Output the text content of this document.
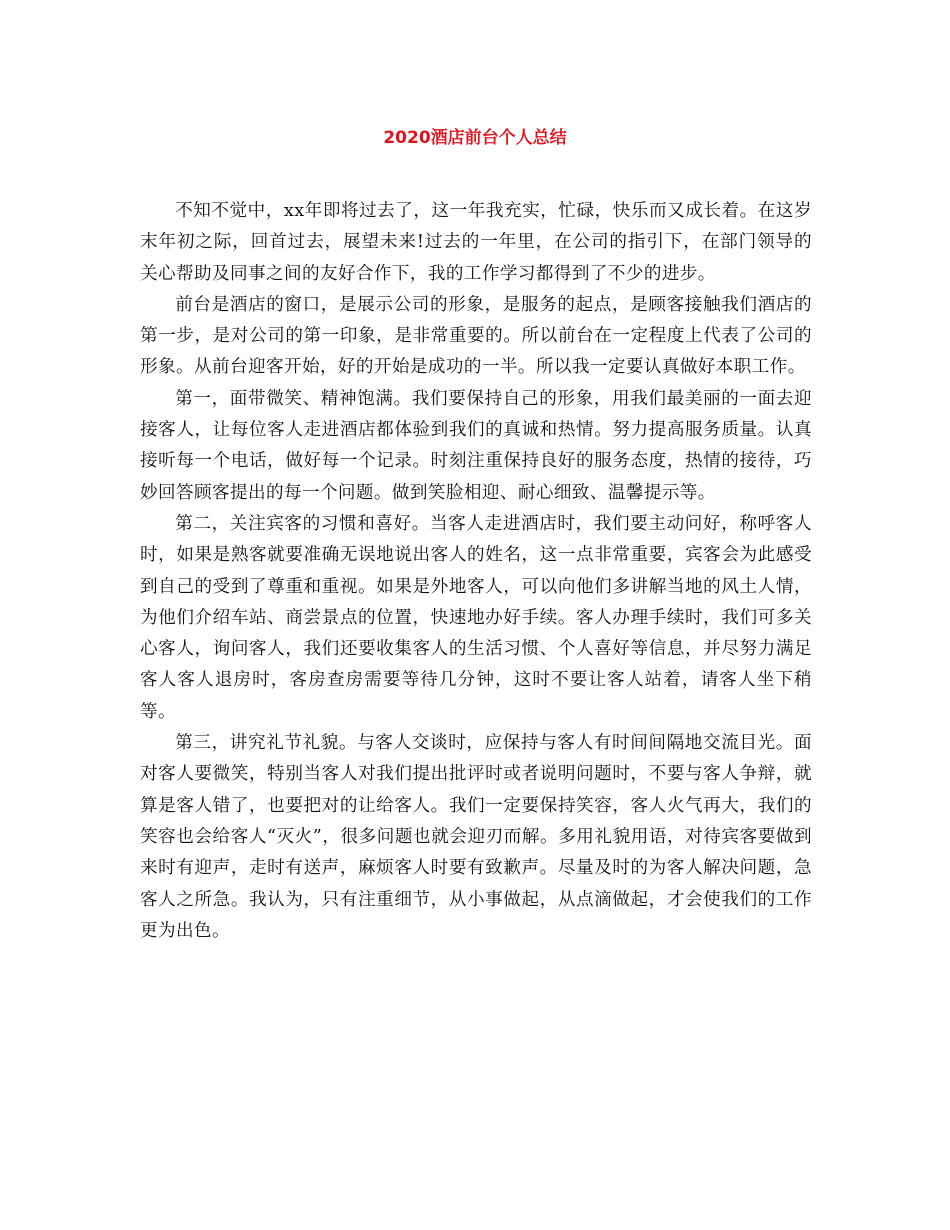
2020酒店前台个人总结

不知不觉中，xx年即将过去了，这一年我充实，忙碌，快乐而又成长着。在这岁末年初之际，回首过去，展望未来!过去的一年里，在公司的指引下，在部门领导的关心帮助及同事之间的友好合作下，我的工作学习都得到了不少的进步。

前台是酒店的窗口，是展示公司的形象，是服务的起点，是顾客接触我们酒店的第一步，是对公司的第一印象，是非常重要的。所以前台在一定程度上代表了公司的形象。从前台迎客开始，好的开始是成功的一半。所以我一定要认真做好本职工作。

第一，面带微笑、精神饱满。我们要保持自己的形象，用我们最美丽的一面去迎接客人，让每位客人走进酒店都体验到我们的真诚和热情。努力提高服务质量。认真接听每一个电话，做好每一个记录。时刻注重保持良好的服务态度，热情的接待，巧妙回答顾客提出的每一个问题。做到笑脸相迎、耐心细致、温馨提示等。

第二，关注宾客的习惯和喜好。当客人走进酒店时，我们要主动问好，称呼客人时，如果是熟客就要准确无误地说出客人的姓名，这一点非常重要，宾客会为此感受到自己的受到了尊重和重视。如果是外地客人，可以向他们多讲解当地的风土人情，为他们介绍车站、商尝景点的位置，快速地办好手续。客人办理手续时，我们可多关心客人，询问客人，我们还要收集客人的生活习惯、个人喜好等信息，并尽努力满足客人客人退房时，客房查房需要等待几分钟，这时不要让客人站着，请客人坐下稍等。

第三，讲究礼节礼貌。与客人交谈时，应保持与客人有时间间隔地交流目光。面对客人要微笑，特别当客人对我们提出批评时或者说明问题时，不要与客人争辩，就算是客人错了，也要把对的让给客人。我们一定要保持笑容，客人火气再大，我们的笑容也会给客人“灭火”，很多问题也就会迎刃而解。多用礼貌用语，对待宾客要做到来时有迎声，走时有送声，麻烦客人时要有致歉声。尽量及时的为客人解决问题，急客人之所急。我认为，只有注重细节，从小事做起，从点滴做起，才会使我们的工作更为出色。
